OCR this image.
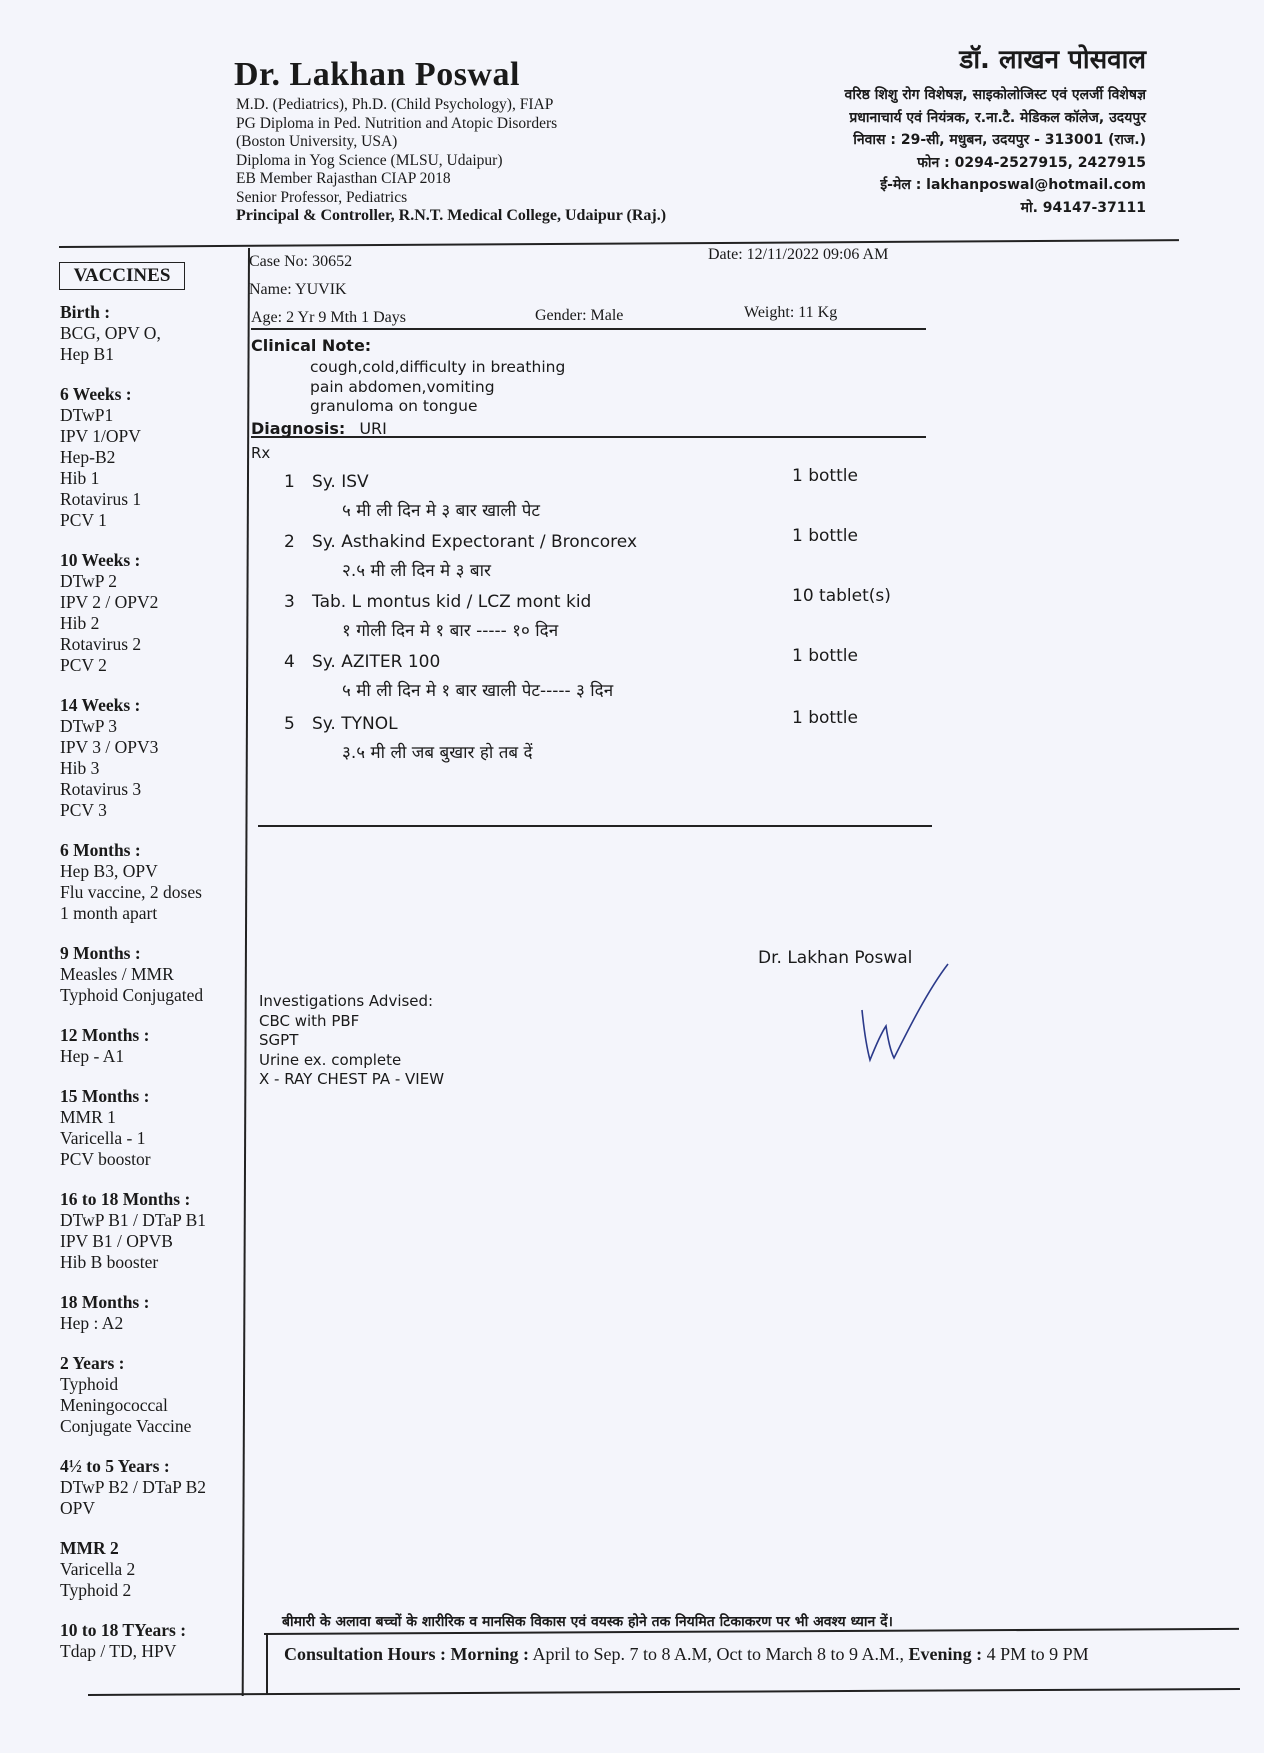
Dr. Lakhan Poswal
M.D. (Pediatrics), Ph.D. (Child Psychology), FIAP
PG Diploma in Ped. Nutrition and Atopic Disorders
(Boston University, USA)
Diploma in Yog Science (MLSU, Udaipur)
EB Member Rajasthan CIAP 2018
Senior Professor, Pediatrics
Principal & Controller, R.N.T. Medical College, Udaipur (Raj.)
डॉ. लाखन पोसवाल
वरिष्ठ शिशु रोग विशेषज्ञ, साइकोलोजिस्ट एवं एलर्जी विशेषज्ञ
प्रधानाचार्य एवं नियंत्रक, र.ना.टै. मेडिकल कॉलेज, उदयपुर
निवास : 29-सी, मधुबन, उदयपुर - 313001 (राज.)
फोन : 0294-2527915, 2427915
ई-मेल : lakhanposwal@hotmail.com
मो. 94147-37111
VACCINES
Birth :
BCG, OPV O,
Hep B1
6 Weeks :
DTwP1
IPV 1/OPV
Hep-B2
Hib 1
Rotavirus 1
PCV 1
10 Weeks :
DTwP 2
IPV 2 / OPV2
Hib 2
Rotavirus 2
PCV 2
14 Weeks :
DTwP 3
IPV 3 / OPV3
Hib 3
Rotavirus 3
PCV 3
6 Months :
Hep B3, OPV
Flu vaccine, 2 doses
1 month apart
9 Months :
Measles / MMR
Typhoid Conjugated
12 Months :
Hep - A1
15 Months :
MMR 1
Varicella - 1
PCV boostor
16 to 18 Months :
DTwP B1 / DTaP B1
IPV B1 / OPVB
Hib B booster
18 Months :
Hep : A2
2 Years :
Typhoid
Meningococcal
Conjugate Vaccine
4½ to 5 Years :
DTwP B2 / DTaP B2
OPV
MMR 2
Varicella 2
Typhoid 2
10 to 18 TYears :
Tdap / TD, HPV
Case No: 30652	Date: 12/11/2022 09:06 AM
Name: YUVIK
Age: 2 Yr 9 Mth 1 Days	Gender: Male	Weight: 11 Kg
Clinical Note:
cough,cold,difficulty in breathing
pain abdomen,vomiting
granuloma on tongue
Diagnosis: URI
Rx
1 Sy. ISV	1 bottle
५ मी ली दिन मे ३ बार खाली पेट
2 Sy. Asthakind Expectorant / Broncorex	1 bottle
२.५ मी ली दिन मे ३ बार
3 Tab. L montus kid / LCZ mont kid	10 tablet(s)
१ गोली दिन मे १ बार ----- १० दिन
4 Sy. AZITER 100	1 bottle
५ मी ली दिन मे १ बार खाली पेट----- ३ दिन
5 Sy. TYNOL	1 bottle
३.५ मी ली जब बुखार हो तब दें
Dr. Lakhan Poswal
Investigations Advised:
CBC with PBF
SGPT
Urine ex. complete
X - RAY CHEST PA - VIEW
बीमारी के अलावा बच्चों के शारीरिक व मानसिक विकास एवं वयस्क होने तक नियमित टिकाकरण पर भी अवश्य ध्यान दें।
Consultation Hours : Morning : April to Sep. 7 to 8 A.M, Oct to March 8 to 9 A.M., Evening : 4 PM to 9 PM
